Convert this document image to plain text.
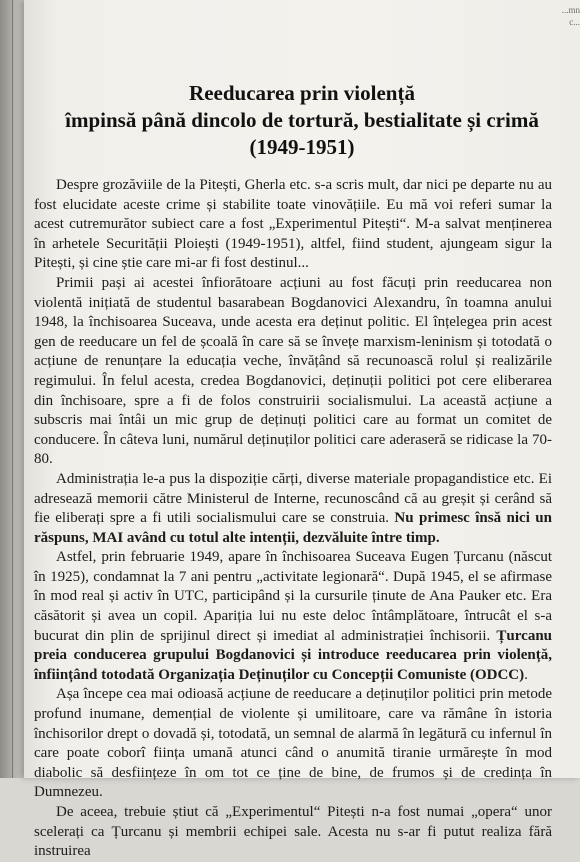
...mn c...
Reeducarea prin violență
împinsă până dincolo de tortură, bestialitate și crimă
(1949-1951)

Despre grozăviile de la Pitești, Gherla etc. s-a scris mult, dar nici pe departe nu au fost elucidate aceste crime și stabilite toate vinovățiile. Eu mă voi referi sumar la acest cutremurător subiect care a fost „Experimentul Pitești“. M-a salvat menținerea în arhetele Securității Ploiești (1949-1951), altfel, fiind student, ajungeam sigur la Pitești, și cine știe care mi-ar fi fost destinul...

Primii pași ai acestei înfiorătoare acțiuni au fost făcuți prin reeducarea non violentă inițiată de studentul basarabean Bogdanovici Alexandru, în toamna anului 1948, la închisoarea Suceava, unde acesta era deținut politic. El înțelegea prin acest gen de reeducare un fel de școală în care să se învețe marxism-leninism și totodată o acțiune de renunțare la educația veche, învățând să recunoască rolul și realizările regimului. În felul acesta, credea Bogdanovici, deținuții politici pot cere eliberarea din închisoare, spre a fi de folos construirii socialismului. La această acțiune a subscris mai întâi un mic grup de deținuți politici care au format un comitet de conducere. În câteva luni, numărul deținuților politici care aderaseră se ridicase la 70-80.

Administrația le-a pus la dispoziție cărți, diverse materiale propagandistice etc. Ei adresează memorii către Ministerul de Interne, recunoscând că au greșit și cerând să fie eliberați spre a fi utili socialismului care se construia. Nu primesc însă nici un răspuns, MAI având cu totul alte intenții, dezvăluite între timp.

Astfel, prin februarie 1949, apare în închisoarea Suceava Eugen Țurcanu (născut în 1925), condamnat la 7 ani pentru „activitate legionară“. După 1945, el se afirmase în mod real și activ în UTC, participând și la cursurile ținute de Ana Pauker etc. Era căsătorit și avea un copil. Apariția lui nu este deloc întâmplătoare, întrucât el s-a bucurat din plin de sprijinul direct și imediat al administrației închisorii. Țurcanu preia conducerea grupului Bogdanovici și introduce reeducarea prin violență, înființând totodată Organizația Deținuților cu Concepții Comuniste (ODCC).

Așa începe cea mai odioasă acțiune de reeducare a deținuților politici prin metode profund inumane, demențial de violente și umilitoare, care va rămâne în istoria închisorilor drept o dovadă și, totodată, un semnal de alarmă în legătură cu infernul în care poate coborî ființa umană atunci când o anumită tiranie urmărește în mod diabolic să desființeze în om tot ce ține de bine, de frumos și de credința în Dumnezeu.

De aceea, trebuie știut că „Experimentul“ Pitești n-a fost numai „opera“ unor scelerați ca Țurcanu și membrii echipei sale. Acesta nu s-ar fi putut realiza fără instruirea
